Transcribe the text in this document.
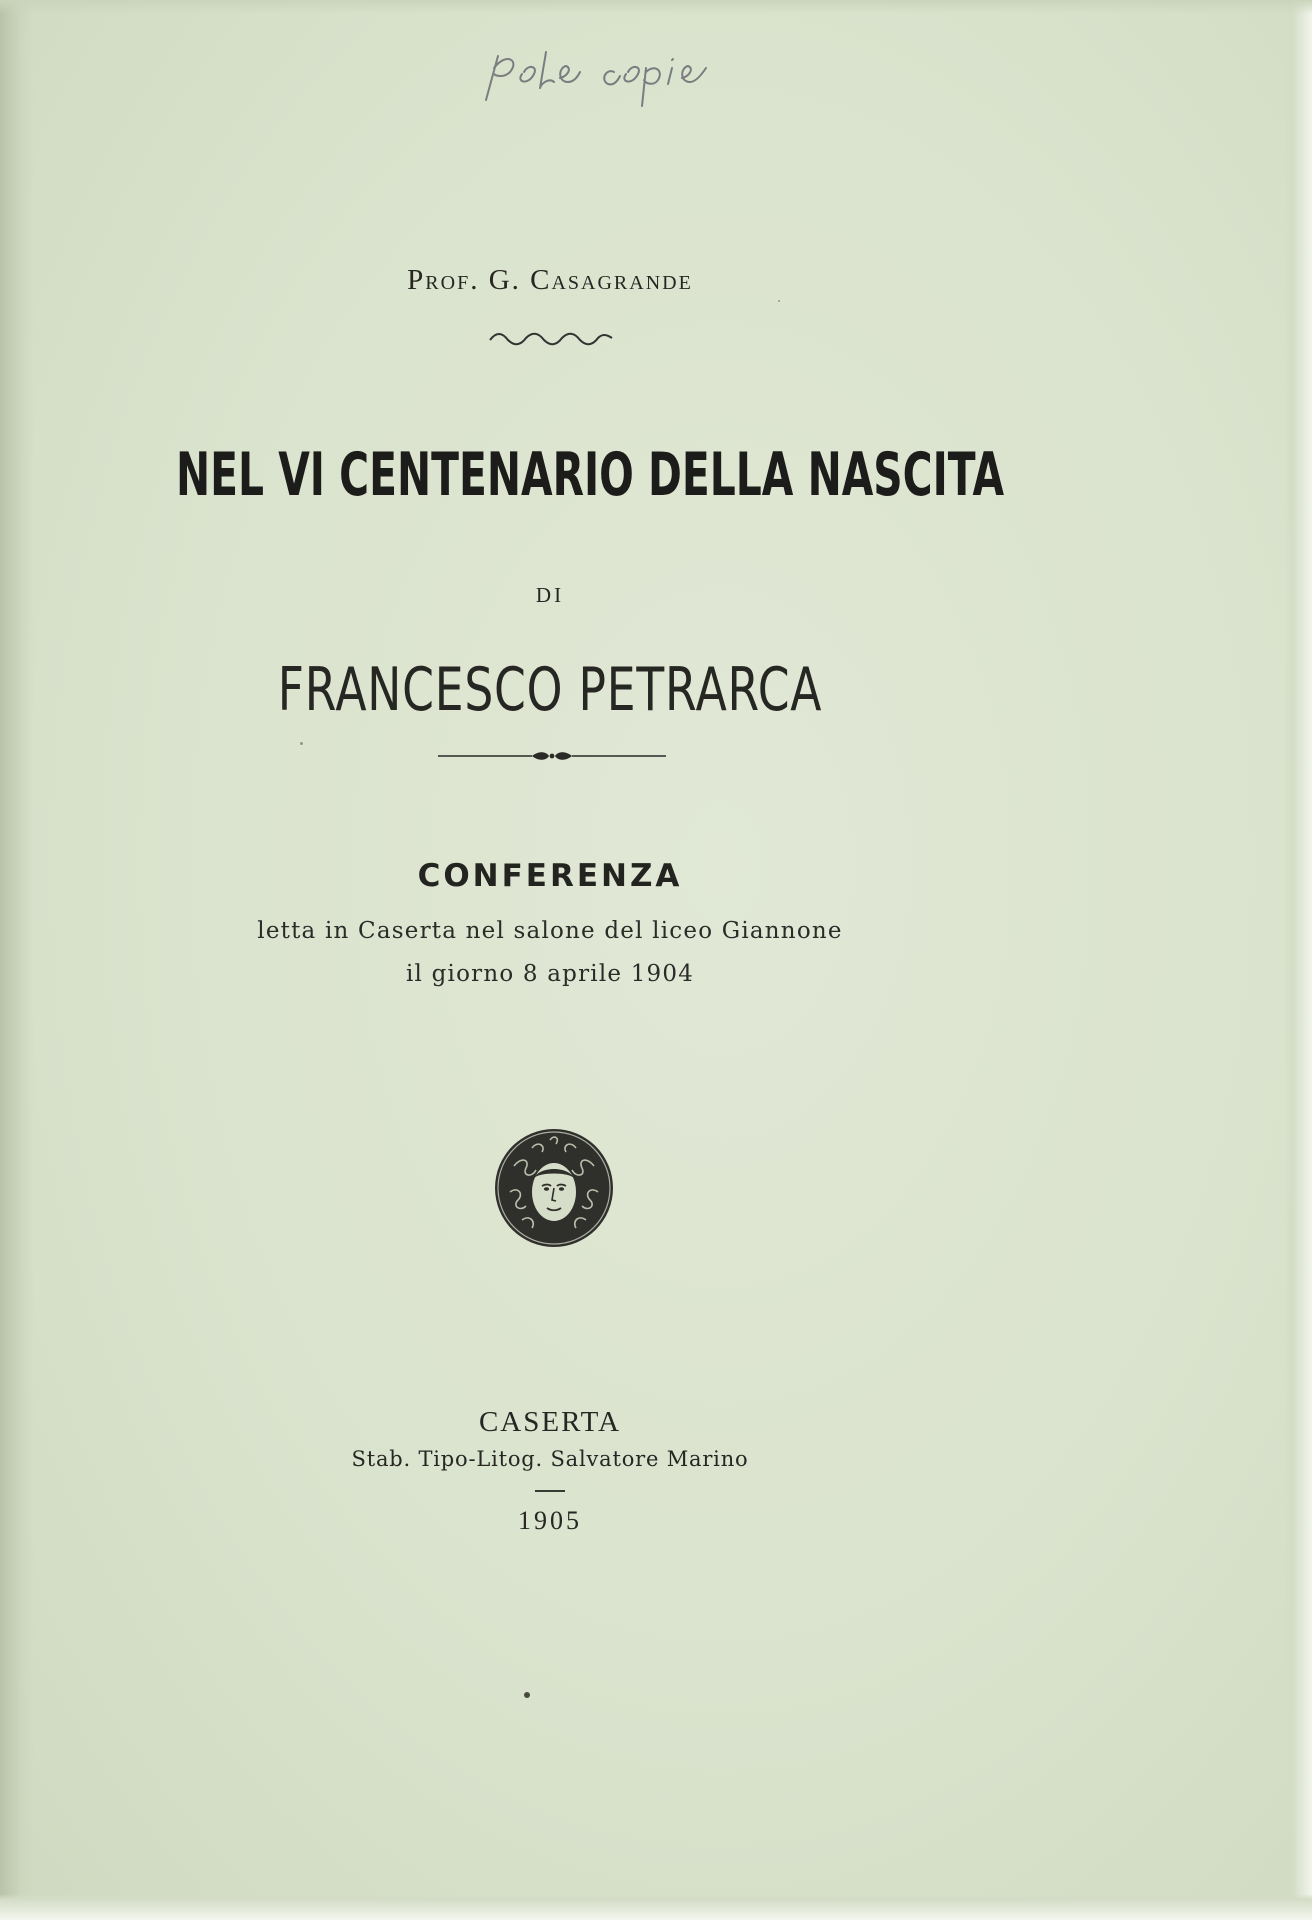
Prof. G. Casagrande
NEL VI CENTENARIO DELLA NASCITA
DI
FRANCESCO PETRARCA
CONFERENZA
letta in Caserta nel salone del liceo Giannone
il giorno 8 aprile 1904
CASERTA
Stab. Tipo-Litog. Salvatore Marino
1905
